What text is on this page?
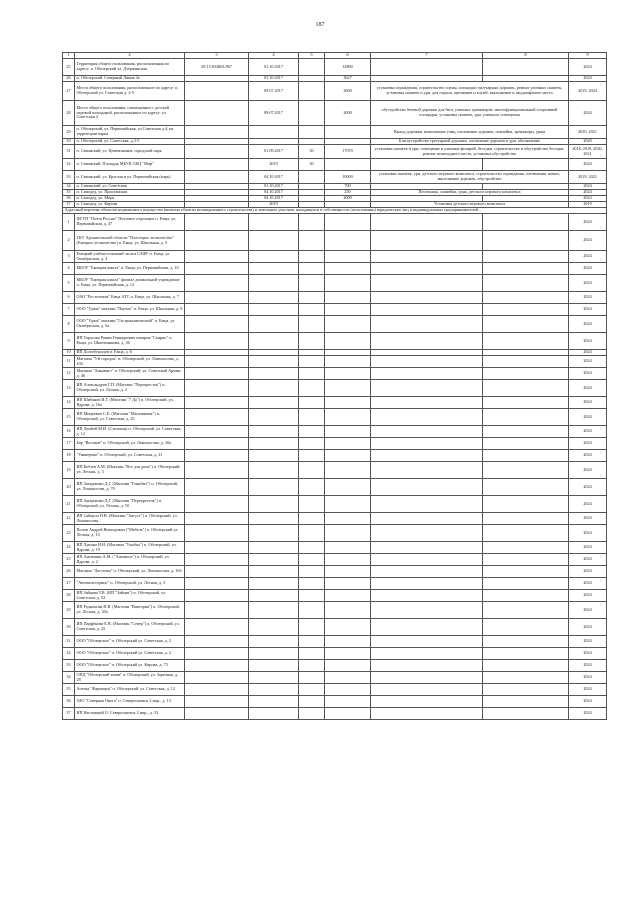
187
1	2	3	4	5	6	7	8	9
25	Территория общего пользования, расположенная по адресу: п. Обозерский ул. Дзержинская	29:15:034803:967	01.10.2017		14800			2024
26	п. Обозерский, Северный Линия 4а		01.10.2017		3627			2024
27	Место общего пользования, расположенное по адресу: п. Обозерский ул. Советская д. 2-5		09.07.2017		2600	установка ограждения, строительство сцены, площадки тротуарных дорожек, ремонт уличных скамеек, установка скамеек и урн, для отдыха, цветников и клумб, выполнение в ландшафтного места		2019, 2024
28	Место общего пользования, совмещенное с детской игровой площадкой, расположенное по адресу: ул. Советская 4		09.07.2017		2000	обустройство беговой дорожки для бега, уличных тренажеров, многофункциональной спортивной площадки, установка скамеек, урн, уличного освещения		2024
29	п. Обозерский, ул. Первомайская, ул.Советская д.4, на территории парка					Выход дорожки, выполнение улиц, озеленение дорожек, скамейки, тренажеры, урны		2020, 2021
30	п. Обозерский, ул. Советская, д.2-5					Благоустройство тротуарной дорожки, озеленение дорожек и урн, обозначение		2020
31	п. Савинский, ул. Цементников, городской парк		01.09.2017	30	17070	установка скамеек и урн, освещение и уличных фонарей, беседки, строительство и обустройство беседки, ремонт пешеходного места, установка обустройство		2018, 2019, 2020, 2021
32	п. Савинский, Площадь МБУК СКЦ "Мир"		2019	30				2024
33	п. Савинский, ул. Круглая и ул. Первомайская (парк)		04.10.2017		10000	установка скамеек, урн, детского игрового комплекса, строительство ограждения, озеленения, новых, выполнение дорожек, обустройство		2019, 2021
34	п. Савинский, ул. Советская		01.10.2017		700			2024
35	п. Самодед, ул. Пристанская		04.10.2017		250	Песочница, скамейка, урна, детского игрового комплекса		2024
36	п. Самодед, ул. Мира		04.10.2017		2000			2023
37	п. Самодед, ул. Кирова		2019			Установка детского игрового комплекса		2019
Адресный перечень объектов недвижимого имущества (включая объекты незавершенного строительства) и земельных участков, находящихся в собственности (пользовании) юридических лиц и индивидуальных предпринимателей...								
1	ФГУП "Почта России" Почтовое отделение п. Емца, ул. Первомайская, д. 47							2024
2	ГКУ Архангельской области "Плесецкое лесничество" (Емецкое лесничество) п. Емца, ул. Школьная, д. 5							2024
3	Емецкий учебно-опытный лесхоз САФУ п. Емца, ул. Октябрьская, д. 4							2024
4	МБОУ "Емецкая школа" п. Емца, ул. Первомайская, д. 10							2024
5	МБОУ "Емецкая школа" филиал дошкольной учреждение п. Емца, ул. Первомайская, д. 12							2024
6	ОАО "Ростелеком" Емца АТС п. Емца, ул. Школьная, д. 7							2024
7	ООО "Удача" магазин "Паучок" п. Емца, ул. Школьная, д. 9							2024
8	ООО "Удача" магазин "Гастрономический" п. Емца, ул. Октябрьская, д. 6а							2024
9	ИП Тарасова Роман Геннадьевич пекарня "Смарко" п. Емца, ул. Шкипенинова, д. 36							2024
10	ИП Долгобородов п. Емца, д. 6							2024
11	Магазин "5-й городок" п. Обозерский, ул. Ломоносова, д. 43б							2024
12	Магазин "Анкавыгт" п. Обозерский, ул. Советской Армии, д. 46							2024
13	ИП Александров Г.П. (Магазин "Перекресток") п. Обозерский, ул. Лесная, д. 2							2024
14	ИП Шибанов И.Г. (Магазин "7 Да") п. Обозерский, ул. Ядрова, д. 16а							2024
15	ИП Мицкевич С.Е. (Магазин "Магазинчик") п. Обозерский, ул. Советская, д. 25							2024
16	ИП Дембей М.И. (Столовая) п. Обозерский, ул. Советская, д. 12							2024
17	Бар "Весенне" п. Обозерский, ул. Ломоносова, д. 20а							2024
18	"Универмаг" п. Обозерский, ул. Советская, д. 21							2024
19	ИП Кобзев А.М. (Магазин "Всё для дома") п. Обозерский, ул. Лесная, д. 3							2024
20	ИП Захарченко Д.Г. (Магазин "Геннбыт") п. Обозерский, ул. Ломоносова, д. 70							2024
21	ИП Захарченко Д.Г. (Магазин "Перекресток") п. Обозерский, ул. Лесная, д. 5б							2024
22	ИП Сайнулл Н.В. (Магазин "Август") п. Обозерский, ул. Ломоносова							2024
23	Попов Андрей Викторович ("Мебель") п. Обозерский ул. Лесная, д. 10							2024
24	ИП Лукина Н.Н. (Магазин "Улыбка") п. Обозерский, ул. Ядрова, д. 19							2024
25	ИП Антюшин А.М. ("Антиволт") п. Обозерский, ул. Ядрова, д. 2							2024
26	Магазин "Ласточка" п. Обозерский, ул. Ломоносова, д. 16б							2024
27	"Автомотосервис" п. Обозерский, ул. Лесная, д. 3							2024
28	ИП Зайцева Т.В. (ИП "Зайцев") п. Обозерский, ул. Советская, д. 52							2024
29	ИП Родионова Н.В. (Магазин "Виктория") п. Обозерский, ул. Лесная, д. 20а							2024
30	ИП Парфёнова Е.В. (Магазин "Север") п. Обозерский, ул. Советская, д. 25							2024
31	ООО "Обозерское" п. Обозерский ул. Советская, д. 2							2024
32	ООО "Обозерское" п. Обозерский ул. Советская, д. 2							2024
33	ООО "Обозерское" п. Обозерский ул. Кирова, д. 73							2024
34	ОПД "Обозерский залив" п. Обозерский, ул. Заречная, д. 28							2024
35	Аптека "Фармацея" п. Обозерский, ул. Советская, д. 12							2024
36	ЗАО "Северная Онега" п. Североонежск 2 мкр., д. 13							2024
37	ИП Настоящий О. Североонежск 2 мкр., д. 33							2024
